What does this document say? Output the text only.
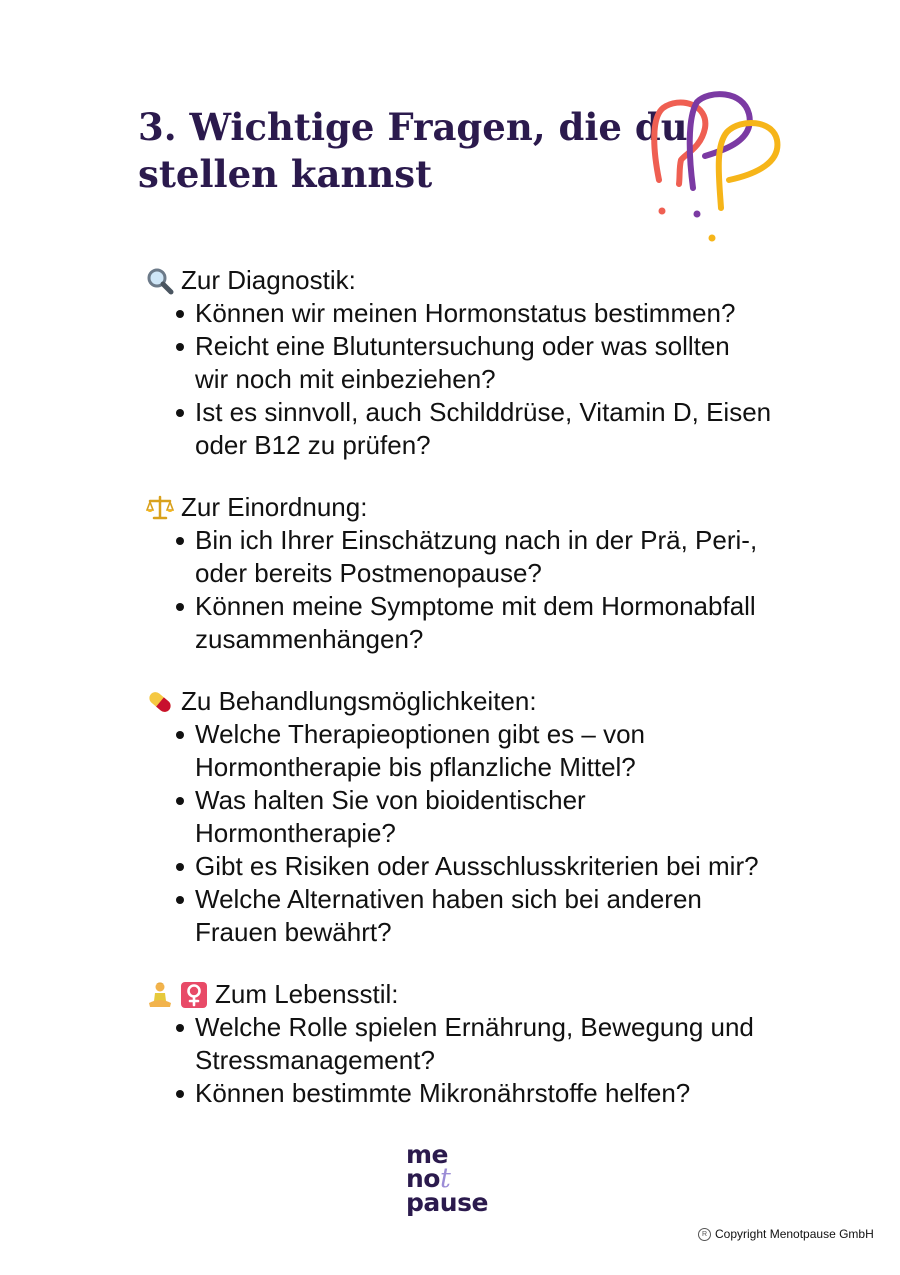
3. Wichtige Fragen, die du
stellen kannst
Zur Diagnostik:
Können wir meinen Hormonstatus bestimmen?
Reicht eine Blutuntersuchung oder was sollten
wir noch mit einbeziehen?
Ist es sinnvoll, auch Schilddrüse, Vitamin D, Eisen
oder B12 zu prüfen?
Zur Einordnung:
Bin ich Ihrer Einschätzung nach in der Prä, Peri-,
oder bereits Postmenopause?
Können meine Symptome mit dem Hormonabfall
zusammenhängen?
Zu Behandlungsmöglichkeiten:
Welche Therapieoptionen gibt es – von
Hormontherapie bis pflanzliche Mittel?
Was halten Sie von bioidentischer
Hormontherapie?
Gibt es Risiken oder Ausschlusskriterien bei mir?
Welche Alternativen haben sich bei anderen
Frauen bewährt?
Zum Lebensstil:
Welche Rolle spielen Ernährung, Bewegung und
Stressmanagement?
Können bestimmte Mikronährstoffe helfen?
me
not
pause
R Copyright Menotpause GmbH
